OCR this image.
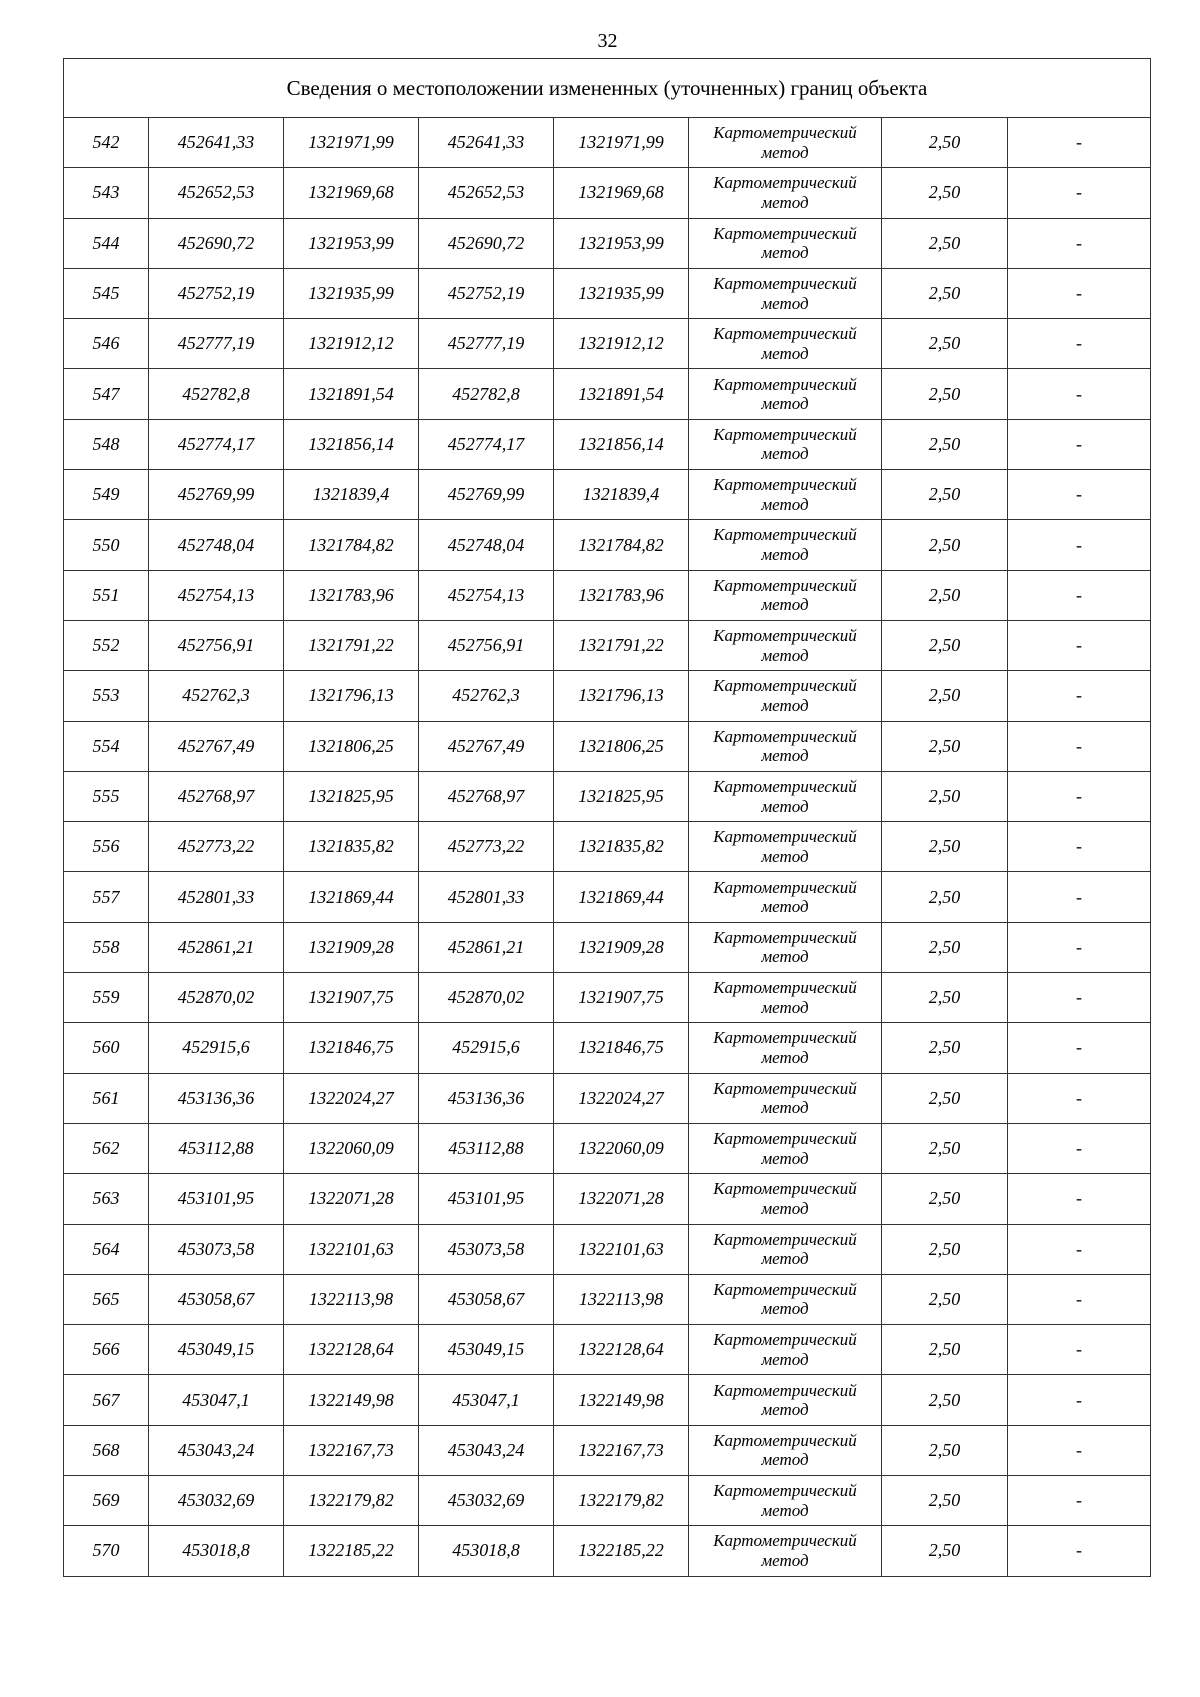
32
Сведения о местоположении измененных (уточненных) границ объекта							
542	452641,33	1321971,99	452641,33	1321971,99	Картометрический метод	2,50	-
543	452652,53	1321969,68	452652,53	1321969,68	Картометрический метод	2,50	-
544	452690,72	1321953,99	452690,72	1321953,99	Картометрический метод	2,50	-
545	452752,19	1321935,99	452752,19	1321935,99	Картометрический метод	2,50	-
546	452777,19	1321912,12	452777,19	1321912,12	Картометрический метод	2,50	-
547	452782,8	1321891,54	452782,8	1321891,54	Картометрический метод	2,50	-
548	452774,17	1321856,14	452774,17	1321856,14	Картометрический метод	2,50	-
549	452769,99	1321839,4	452769,99	1321839,4	Картометрический метод	2,50	-
550	452748,04	1321784,82	452748,04	1321784,82	Картометрический метод	2,50	-
551	452754,13	1321783,96	452754,13	1321783,96	Картометрический метод	2,50	-
552	452756,91	1321791,22	452756,91	1321791,22	Картометрический метод	2,50	-
553	452762,3	1321796,13	452762,3	1321796,13	Картометрический метод	2,50	-
554	452767,49	1321806,25	452767,49	1321806,25	Картометрический метод	2,50	-
555	452768,97	1321825,95	452768,97	1321825,95	Картометрический метод	2,50	-
556	452773,22	1321835,82	452773,22	1321835,82	Картометрический метод	2,50	-
557	452801,33	1321869,44	452801,33	1321869,44	Картометрический метод	2,50	-
558	452861,21	1321909,28	452861,21	1321909,28	Картометрический метод	2,50	-
559	452870,02	1321907,75	452870,02	1321907,75	Картометрический метод	2,50	-
560	452915,6	1321846,75	452915,6	1321846,75	Картометрический метод	2,50	-
561	453136,36	1322024,27	453136,36	1322024,27	Картометрический метод	2,50	-
562	453112,88	1322060,09	453112,88	1322060,09	Картометрический метод	2,50	-
563	453101,95	1322071,28	453101,95	1322071,28	Картометрический метод	2,50	-
564	453073,58	1322101,63	453073,58	1322101,63	Картометрический метод	2,50	-
565	453058,67	1322113,98	453058,67	1322113,98	Картометрический метод	2,50	-
566	453049,15	1322128,64	453049,15	1322128,64	Картометрический метод	2,50	-
567	453047,1	1322149,98	453047,1	1322149,98	Картометрический метод	2,50	-
568	453043,24	1322167,73	453043,24	1322167,73	Картометрический метод	2,50	-
569	453032,69	1322179,82	453032,69	1322179,82	Картометрический метод	2,50	-
570	453018,8	1322185,22	453018,8	1322185,22	Картометрический метод	2,50	-
